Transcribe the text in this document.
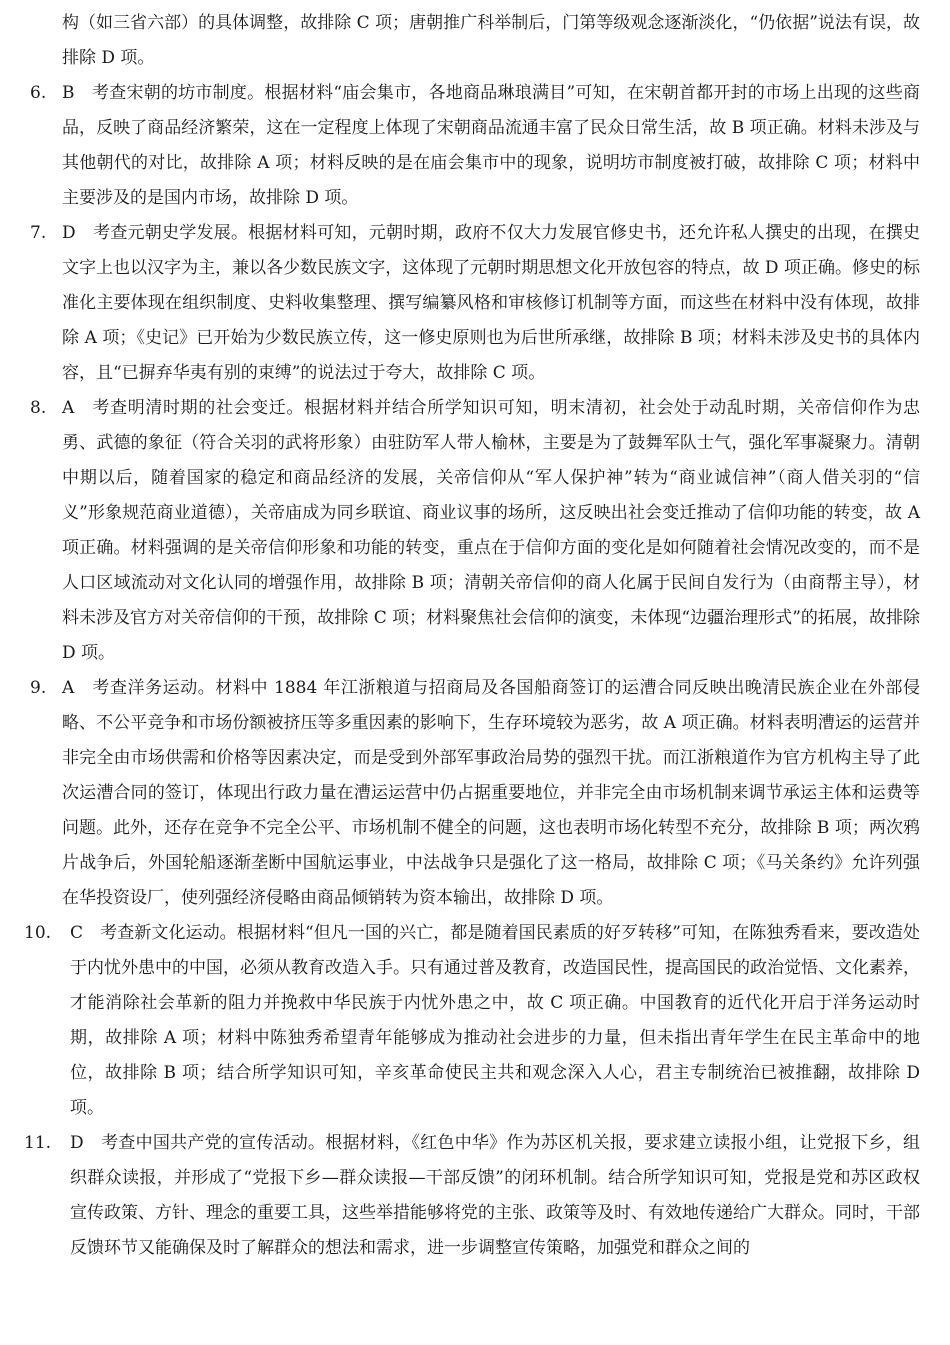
构（如三省六部）的具体调整，故排除 C 项；唐朝推广科举制后，门第等级观念逐渐淡化，“仍依据”说法有误，故排除 D 项。

6. B　考查宋朝的坊市制度。根据材料“庙会集市，各地商品琳琅满目”可知，在宋朝首都开封的市场上出现的这些商品，反映了商品经济繁荣，这在一定程度上体现了宋朝商品流通丰富了民众日常生活，故 B 项正确。材料未涉及与其他朝代的对比，故排除 A 项；材料反映的是在庙会集市中的现象，说明坊市制度被打破，故排除 C 项；材料中主要涉及的是国内市场，故排除 D 项。
7. D　考查元朝史学发展。根据材料可知，元朝时期，政府不仅大力发展官修史书，还允许私人撰史的出现，在撰史文字上也以汉字为主，兼以各少数民族文字，这体现了元朝时期思想文化开放包容的特点，故 D 项正确。修史的标准化主要体现在组织制度、史料收集整理、撰写编纂风格和审核修订机制等方面，而这些在材料中没有体现，故排除 A 项；《史记》已开始为少数民族立传，这一修史原则也为后世所承继，故排除 B 项；材料未涉及史书的具体内容，且“已摒弃华夷有别的束缚”的说法过于夸大，故排除 C 项。
8. A　考查明清时期的社会变迁。根据材料并结合所学知识可知，明末清初，社会处于动乱时期，关帝信仰作为忠勇、武德的象征（符合关羽的武将形象）由驻防军人带人榆林，主要是为了鼓舞军队士气，强化军事凝聚力。清朝中期以后，随着国家的稳定和商品经济的发展，关帝信仰从“军人保护神”转为“商业诚信神”（商人借关羽的“信义”形象规范商业道德），关帝庙成为同乡联谊、商业议事的场所，这反映出社会变迁推动了信仰功能的转变，故 A 项正确。材料强调的是关帝信仰形象和功能的转变，重点在于信仰方面的变化是如何随着社会情况改变的，而不是人口区域流动对文化认同的增强作用，故排除 B 项；清朝关帝信仰的商人化属于民间自发行为（由商帮主导），材料未涉及官方对关帝信仰的干预，故排除 C 项；材料聚焦社会信仰的演变，未体现“边疆治理形式”的拓展，故排除 D 项。
9. A　考查洋务运动。材料中 1884 年江浙粮道与招商局及各国船商签订的运漕合同反映出晚清民族企业在外部侵略、不公平竞争和市场份额被挤压等多重因素的影响下，生存环境较为恶劣，故 A 项正确。材料表明漕运的运营并非完全由市场供需和价格等因素决定，而是受到外部军事政治局势的强烈干扰。而江浙粮道作为官方机构主导了此次运漕合同的签订，体现出行政力量在漕运运营中仍占据重要地位，并非完全由市场机制来调节承运主体和运费等问题。此外，还存在竞争不完全公平、市场机制不健全的问题，这也表明市场化转型不充分，故排除 B 项；两次鸦片战争后，外国轮船逐渐垄断中国航运事业，中法战争只是强化了这一格局，故排除 C 项；《马关条约》允许列强在华投资设厂，使列强经济侵略由商品倾销转为资本输出，故排除 D 项。
10. C　考查新文化运动。根据材料“但凡一国的兴亡，都是随着国民素质的好歹转移”可知，在陈独秀看来，要改造处于内忧外患中的中国，必须从教育改造入手。只有通过普及教育，改造国民性，提高国民的政治觉悟、文化素养，才能消除社会革新的阻力并挽救中华民族于内忧外患之中，故 C 项正确。中国教育的近代化开启于洋务运动时期，故排除 A 项；材料中陈独秀希望青年能够成为推动社会进步的力量，但未指出青年学生在民主革命中的地位，故排除 B 项；结合所学知识可知，辛亥革命使民主共和观念深入人心，君主专制统治已被推翻，故排除 D 项。
11. D　考查中国共产党的宣传活动。根据材料，《红色中华》作为苏区机关报，要求建立读报小组，让党报下乡，组织群众读报，并形成了“党报下乡—群众读报—干部反馈”的闭环机制。结合所学知识可知，党报是党和苏区政权宣传政策、方针、理念的重要工具，这些举措能够将党的主张、政策等及时、有效地传递给广大群众。同时，干部反馈环节又能确保及时了解群众的想法和需求，进一步调整宣传策略，加强党和群众之间的
